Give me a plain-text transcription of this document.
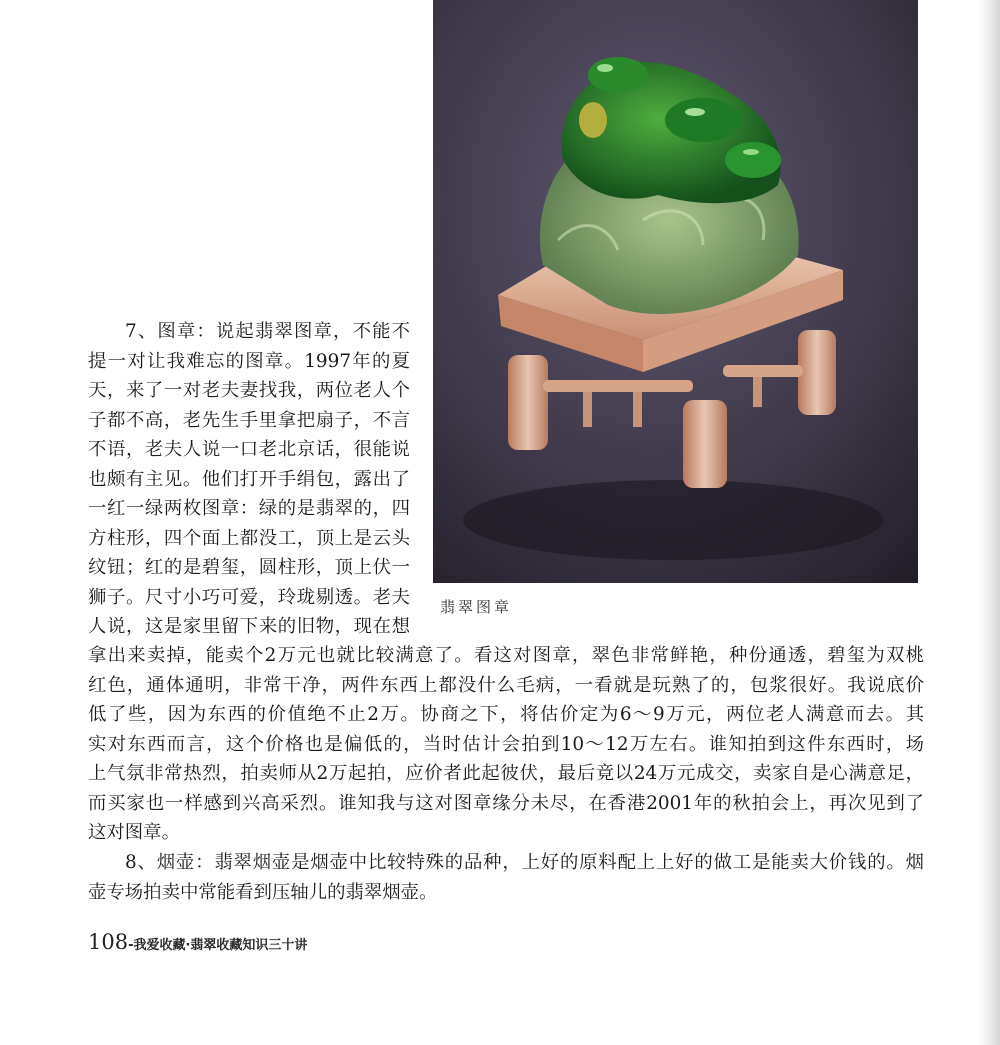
翡翠图章

7、图章：说起翡翠图章，不能不
提一对让我难忘的图章。1997年的夏
天，来了一对老夫妻找我，两位老人个
子都不高，老先生手里拿把扇子，不言
不语，老夫人说一口老北京话，很能说
也颇有主见。他们打开手绢包，露出了
一红一绿两枚图章：绿的是翡翠的，四
方柱形，四个面上都没工，顶上是云头
纹钮；红的是碧玺，圆柱形，顶上伏一
狮子。尺寸小巧可爱，玲珑剔透。老夫
人说，这是家里留下来的旧物，现在想

拿出来卖掉，能卖个2万元也就比较满意了。看这对图章，翠色非常鲜艳，种份通透，碧玺为双桃
红色，通体通明，非常干净，两件东西上都没什么毛病，一看就是玩熟了的，包浆很好。我说底价
低了些，因为东西的价值绝不止2万。协商之下，将估价定为6～9万元，两位老人满意而去。其
实对东西而言，这个价格也是偏低的，当时估计会拍到10～12万左右。谁知拍到这件东西时，场
上气氛非常热烈，拍卖师从2万起拍，应价者此起彼伏，最后竟以24万元成交，卖家自是心满意足，
而买家也一样感到兴高采烈。谁知我与这对图章缘分未尽，在香港2001年的秋拍会上，再次见到了
这对图章。

8、烟壶：翡翠烟壶是烟壶中比较特殊的品种，上好的原料配上上好的做工是能卖大价钱的。烟
壶专场拍卖中常能看到压轴儿的翡翠烟壶。

108-我爱收藏·翡翠收藏知识三十讲
